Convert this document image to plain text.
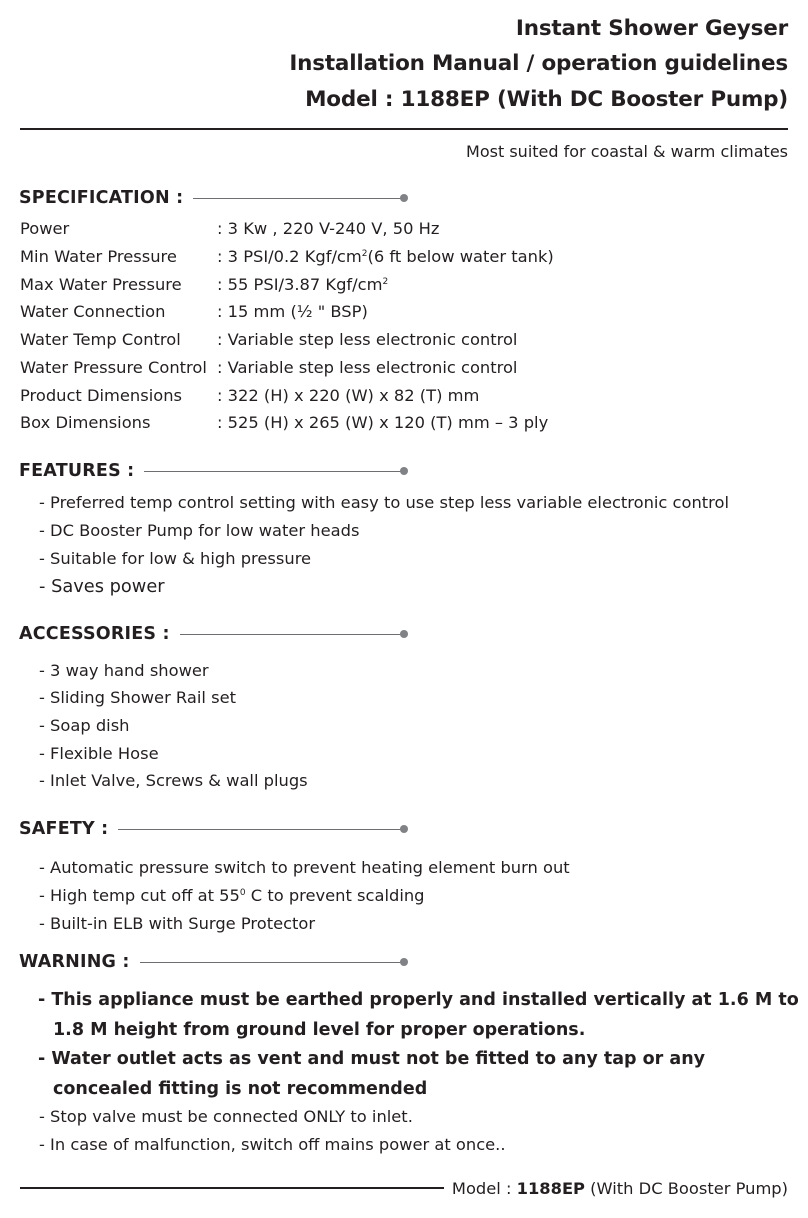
Instant Shower Geyser
Installation Manual / operation guidelines
Model : 1188EP (With DC Booster Pump)
Most suited for coastal & warm climates
SPECIFICATION :
Power	: 3 Kw , 220 V-240 V, 50 Hz
Min Water Pressure : 3 PSI/0.2 Kgf/$cm^2(6$ ft below water tank)
Max Water Pressure : 55 PSI/3.87 Kgf/$cm^2$
Water Connection	: 15 mm (½ " BSP)
Water Temp Control : Variable step less electronic control
Water Pressure Control : Variable step less electronic control
Product Dimensions : 322 (H) x 220 (W) x 82 (T) mm
Box Dimensions	: 525 (H) x 265 (W) x 120 (T) mm – 3 ply
FEATURES :
- Preferred temp control setting with easy to use step less variable electronic control
- DC Booster Pump for low water heads
- Suitable for low & high pressure
- Saves power
ACCESSORIES :
- 3 way hand shower
- Sliding Shower Rail set
- Soap dish
- Flexible Hose
- Inlet Valve, Screws & wall plugs
SAFETY :
- Automatic pressure switch to prevent heating element burn out
- High temp cut off at $55^0$ C to prevent scalding
- Built-in ELB with Surge Protector
WARNING :
- This appliance must be earthed properly and installed vertically at 1.6 M to 1.8 M height from ground level for proper operations.
- Water outlet acts as vent and must not be fitted to any tap or any concealed fitting is not recommended
- Stop valve must be connected ONLY to inlet.
- In case of malfunction, switch off mains power at once..
Model : 1188EP (With DC Booster Pump)
